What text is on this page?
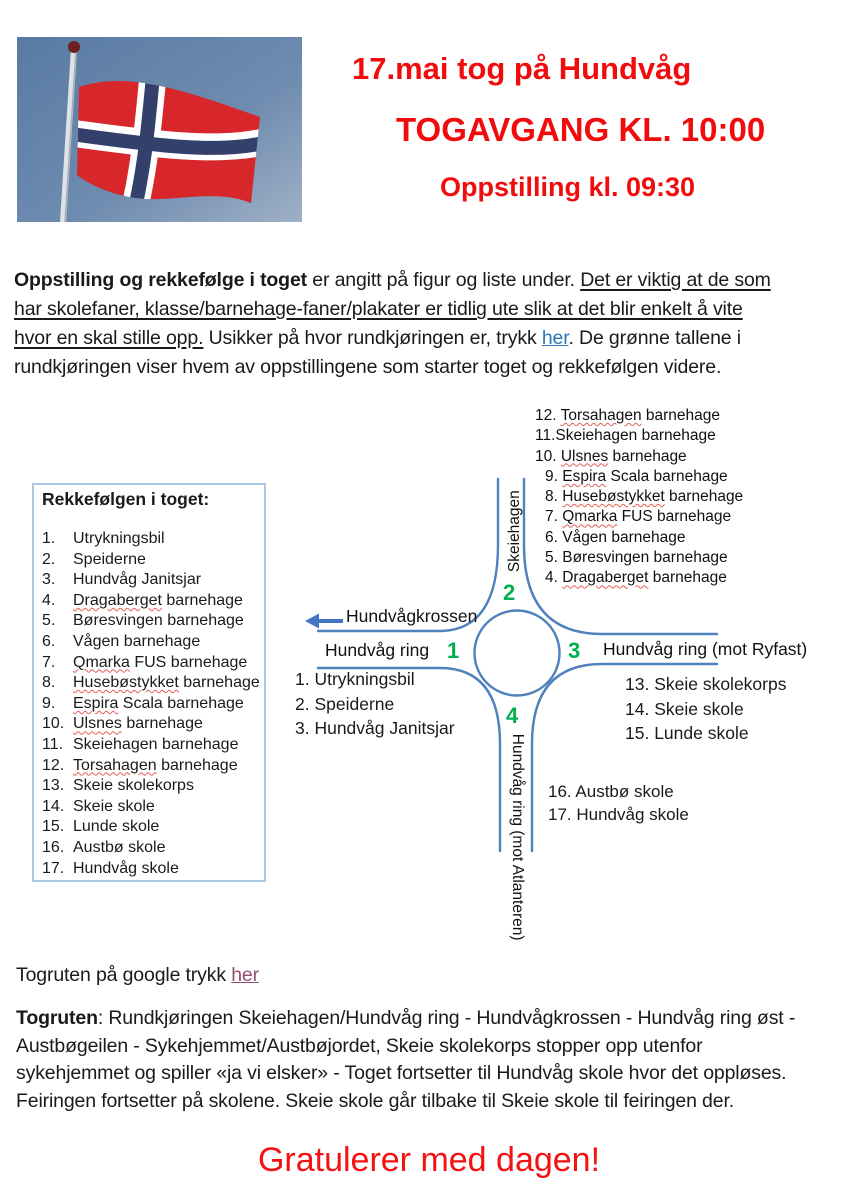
17.mai tog på Hundvåg
TOGAVGANG KL. 10:00
Oppstilling kl. 09:30
Oppstilling og rekkefølge i toget er angitt på figur og liste under. Det er viktig at de som
har skolefaner, klasse/barnehage-faner/plakater er tidlig ute slik at det blir enkelt å vite
hvor en skal stille opp. Usikker på hvor rundkjøringen er, trykk her. De grønne tallene i
rundkjøringen viser hvem av oppstillingene som starter toget og rekkefølgen videre.
Rekkefølgen i toget:
1. Utrykningsbil
2. Speiderne
3. Hundvåg Janitsjar
4. Dragaberget barnehage
5. Børesvingen barnehage
6. Vågen barnehage
7. Qmarka FUS barnehage
8. Husebøstykket barnehage
9. Espira Scala barnehage
10. Ulsnes barnehage
11. Skeiehagen barnehage
12. Torsahagen barnehage
13. Skeie skolekorps
14. Skeie skole
15. Lunde skole
16. Austbø skole
17. Hundvåg skole
Skeiehagen
2
1	3
4
Hundvågkrossen
Hundvåg ring	Hundvåg ring (mot Ryfast)
Hundvåg ring (mot Atlanteren)
12. Torsahagen barnehage
11.Skeiehagen barnehage
10. Ulsnes barnehage
9. Espira Scala barnehage
8. Husebøstykket barnehage
7. Qmarka FUS barnehage
6. Vågen barnehage
5. Børesvingen barnehage
4. Dragaberget barnehage
1. Utrykningsbil
2. Speiderne
3. Hundvåg Janitsjar
13. Skeie skolekorps
14. Skeie skole
15. Lunde skole
16. Austbø skole
17. Hundvåg skole
Togruten på google trykk her
Togruten: Rundkjøringen Skeiehagen/Hundvåg ring - Hundvågkrossen - Hundvåg ring øst -
Austbøgeilen - Sykehjemmet/Austbøjordet, Skeie skolekorps stopper opp utenfor
sykehjemmet og spiller «ja vi elsker» - Toget fortsetter til Hundvåg skole hvor det oppløses.
Feiringen fortsetter på skolene. Skeie skole går tilbake til Skeie skole til feiringen der.
Gratulerer med dagen!
